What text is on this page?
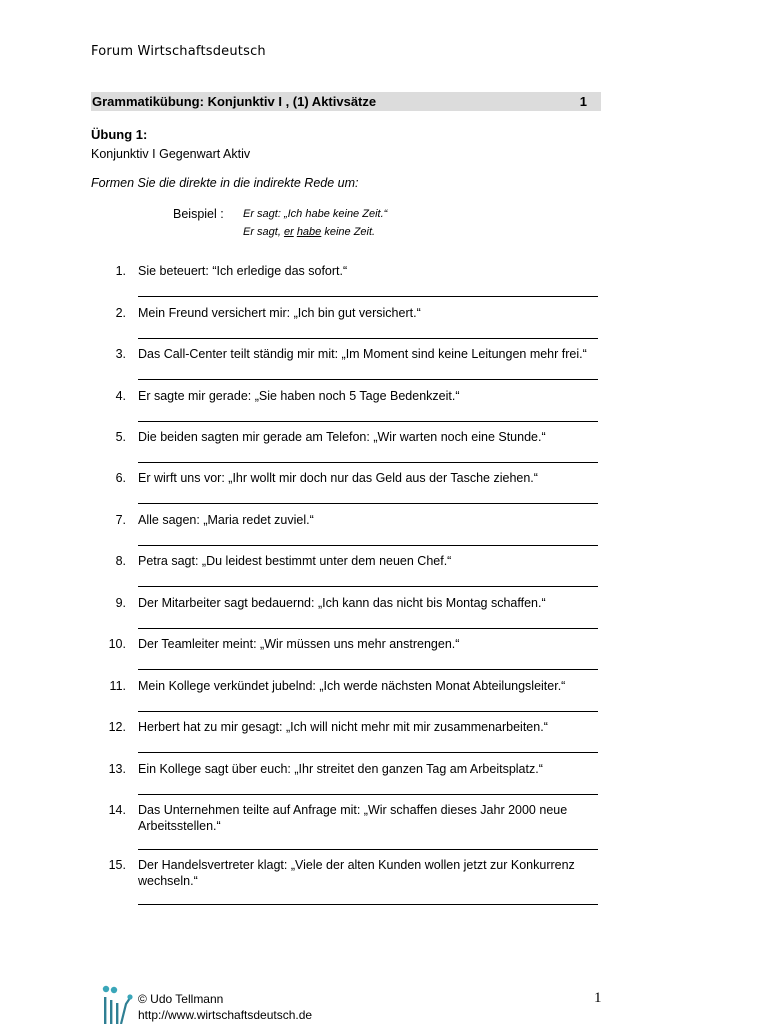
Forum Wirtschaftsdeutsch
Grammatikübung: Konjunktiv I , (1) Aktivsätze	1
Übung 1:
Konjunktiv I Gegenwart Aktiv
Formen Sie die direkte in die indirekte Rede um:
Beispiel : Er sagt: „Ich habe keine Zeit.“
Er sagt, er habe keine Zeit.
1. Sie beteuert: “Ich erledige das sofort.“
2. Mein Freund versichert mir: „Ich bin gut versichert.“
3. Das Call-Center teilt ständig mir mit: „Im Moment sind keine Leitungen mehr frei.“
4. Er sagte mir gerade: „Sie haben noch 5 Tage Bedenkzeit.“
5. Die beiden sagten mir gerade am Telefon: „Wir warten noch eine Stunde.“
6. Er wirft uns vor: „Ihr wollt mir doch nur das Geld aus der Tasche ziehen.“
7. Alle sagen: „Maria redet zuviel.“
8. Petra sagt: „Du leidest bestimmt unter dem neuen Chef.“
9. Der Mitarbeiter sagt bedauernd: „Ich kann das nicht bis Montag schaffen.“
10. Der Teamleiter meint: „Wir müssen uns mehr anstrengen.“
11. Mein Kollege verkündet jubelnd: „Ich werde nächsten Monat Abteilungsleiter.“
12. Herbert hat zu mir gesagt: „Ich will nicht mehr mit mir zusammenarbeiten.“
13. Ein Kollege sagt über euch: „Ihr streitet den ganzen Tag am Arbeitsplatz.“
14. Das Unternehmen teilte auf Anfrage mit: „Wir schaffen dieses Jahr 2000 neue
Arbeitsstellen.“
15. Der Handelsvertreter klagt: „Viele der alten Kunden wollen jetzt zur Konkurrenz
wechseln.“
© Udo Tellmann
http://www.wirtschaftsdeutsch.de
1
